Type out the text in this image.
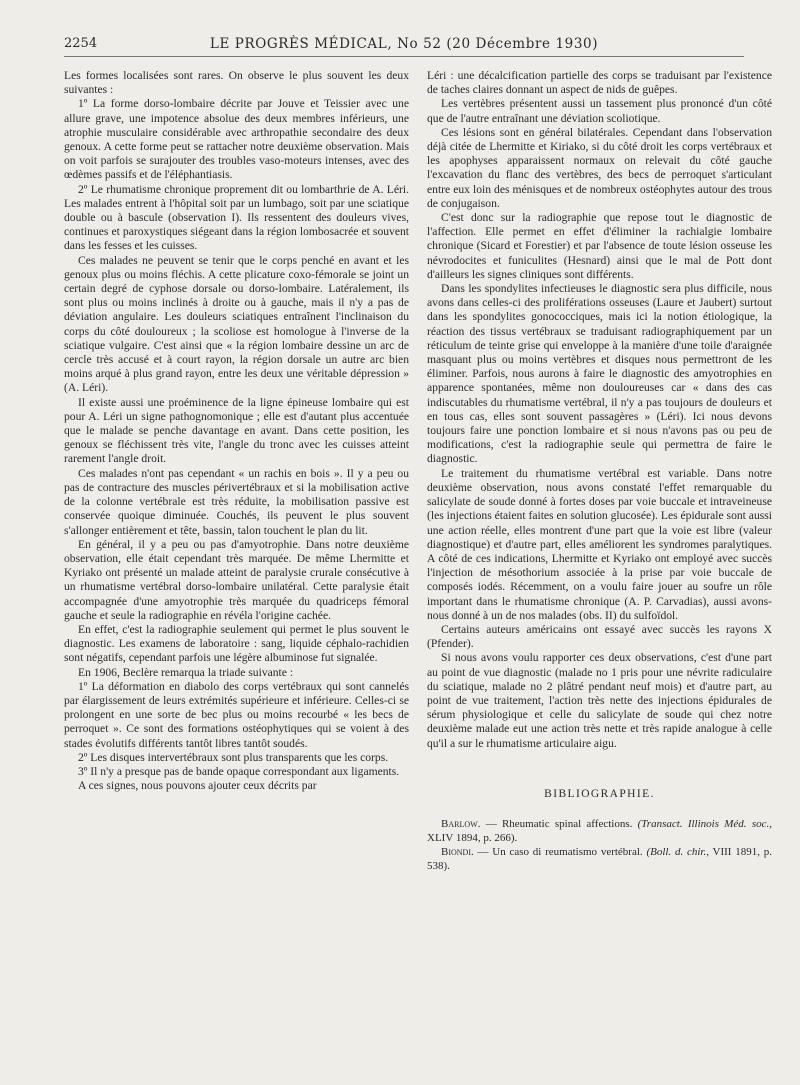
2254	LE PROGRÈS MÉDICAL, No 52 (20 Décembre 1930)

Les formes localisées sont rares. On observe le plus souvent les deux suivantes :

1º La forme dorso-lombaire décrite par Jouve et Teissier avec une allure grave, une impotence absolue des deux membres inférieurs, une atrophie musculaire considérable avec arthropathie secondaire des deux genoux. A cette forme peut se rattacher notre deuxième observation. Mais on voit parfois se surajouter des troubles vaso-moteurs intenses, avec des œdèmes passifs et de l'éléphantiasis.

2º Le rhumatisme chronique proprement dit ou lombarthrie de A. Léri. Les malades entrent à l'hôpital soit par un lumbago, soit par une sciatique double ou à bascule (observation I). Ils ressentent des douleurs vives, continues et paroxystiques siégeant dans la région lombosacrée et souvent dans les fesses et les cuisses.

Ces malades ne peuvent se tenir que le corps penché en avant et les genoux plus ou moins fléchis. A cette plicature coxo-fémorale se joint un certain degré de cyphose dorsale ou dorso-lombaire. Latéralement, ils sont plus ou moins inclinés à droite ou à gauche, mais il n'y a pas de déviation angulaire. Les douleurs sciatiques entraînent l'inclinaison du corps du côté douloureux ; la scoliose est homologue à l'inverse de la sciatique vulgaire. C'est ainsi que « la région lombaire dessine un arc de cercle très accusé et à court rayon, la région dorsale un autre arc bien moins arqué à plus grand rayon, entre les deux une véritable dépression » (A. Léri).

Il existe aussi une proéminence de la ligne épineuse lombaire qui est pour A. Léri un signe pathognomonique ; elle est d'autant plus accentuée que le malade se penche davantage en avant. Dans cette position, les genoux se fléchissent très vite, l'angle du tronc avec les cuisses atteint rarement l'angle droit.

Ces malades n'ont pas cependant « un rachis en bois ». Il y a peu ou pas de contracture des muscles périvertébraux et si la mobilisation active de la colonne vertébrale est très réduite, la mobilisation passive est conservée quoique diminuée. Couchés, ils peuvent le plus souvent s'allonger entièrement et tête, bassin, talon touchent le plan du lit.

En général, il y a peu ou pas d'amyotrophie. Dans notre deuxième observation, elle était cependant très marquée. De même Lhermitte et Kyriako ont présenté un malade atteint de paralysie crurale consécutive à un rhumatisme vertébral dorso-lombaire unilatéral. Cette paralysie était accompagnée d'une amyotrophie très marquée du quadriceps fémoral gauche et seule la radiographie en révéla l'origine cachée.

En effet, c'est la radiographie seulement qui permet le plus souvent le diagnostic. Les examens de laboratoire : sang, liquide céphalo-rachidien sont négatifs, cependant parfois une légère albuminose fut signalée.

En 1906, Beclère remarqua la triade suivante :

1º La déformation en diabolo des corps vertébraux qui sont cannelés par élargissement de leurs extrémités supérieure et inférieure. Celles-ci se prolongent en une sorte de bec plus ou moins recourbé « les becs de perroquet ». Ce sont des formations ostéophytiques qui se voient à des stades évolutifs différents tantôt libres tantôt soudés.

2º Les disques intervertébraux sont plus transparents que les corps.

3º Il n'y a presque pas de bande opaque correspondant aux ligaments.

A ces signes, nous pouvons ajouter ceux décrits par

Léri : une décalcification partielle des corps se traduisant par l'existence de taches claires donnant un aspect de nids de guêpes.

Les vertèbres présentent aussi un tassement plus prononcé d'un côté que de l'autre entraînant une déviation scoliotique.

Ces lésions sont en général bilatérales. Cependant dans l'observation déjà citée de Lhermitte et Kiriako, si du côté droit les corps vertébraux et les apophyses apparaissent normaux on relevait du côté gauche l'excavation du flanc des vertèbres, des becs de perroquet s'articulant entre eux loin des ménisques et de nombreux ostéophytes autour des trous de conjugaison.

C'est donc sur la radiographie que repose tout le diagnostic de l'affection. Elle permet en effet d'éliminer la rachialgie lombaire chronique (Sicard et Forestier) et par l'absence de toute lésion osseuse les névrodocites et funiculites (Hesnard) ainsi que le mal de Pott dont d'ailleurs les signes cliniques sont différents.

Dans les spondylites infectieuses le diagnostic sera plus difficile, nous avons dans celles-ci des proliférations osseuses (Laure et Jaubert) surtout dans les spondylites gonococciques, mais ici la notion étiologique, la réaction des tissus vertébraux se traduisant radiographiquement par un réticulum de teinte grise qui enveloppe à la manière d'une toile d'araignée masquant plus ou moins vertèbres et disques nous permettront de les éliminer. Parfois, nous aurons à faire le diagnostic des amyotrophies en apparence spontanées, même non douloureuses car « dans des cas indiscutables du rhumatisme vertébral, il n'y a pas toujours de douleurs et en tous cas, elles sont souvent passagères » (Léri). Ici nous devons toujours faire une ponction lombaire et si nous n'avons pas ou peu de modifications, c'est la radiographie seule qui permettra de faire le diagnostic.

Le traitement du rhumatisme vertébral est variable. Dans notre deuxième observation, nous avons constaté l'effet remarquable du salicylate de soude donné à fortes doses par voie buccale et intraveineuse (les injections étaient faites en solution glucosée). Les épidurale sont aussi une action réelle, elles montrent d'une part que la voie est libre (valeur diagnostique) et d'autre part, elles améliorent les syndromes paralytiques. A côté de ces indications, Lhermitte et Kyriako ont employé avec succès l'injection de mésothorium associée à la prise par voie buccale de composés iodés. Récemment, on a voulu faire jouer au soufre un rôle important dans le rhumatisme chronique (A. P. Carvadias), aussi avons-nous donné à un de nos malades (obs. II) du sulfoïdol.

Certains auteurs américains ont essayé avec succès les rayons X (Pfender).

Si nous avons voulu rapporter ces deux observations, c'est d'une part au point de vue diagnostic (malade no 1 pris pour une névrite radiculaire du sciatique, malade no 2 plâtré pendant neuf mois) et d'autre part, au point de vue traitement, l'action très nette des injections épidurales de sérum physiologique et celle du salicylate de soude qui chez notre deuxième malade eut une action très nette et très rapide analogue à celle qu'il a sur le rhumatisme articulaire aigu.

BIBLIOGRAPHIE.

Barlow. — Rheumatic spinal affections. (Transact. Illinois Méd. soc., XLIV 1894, p. 266).

Biondi. — Un caso di reumatismo vertébral. (Boll. d. chir., VIII 1891, p. 538).
